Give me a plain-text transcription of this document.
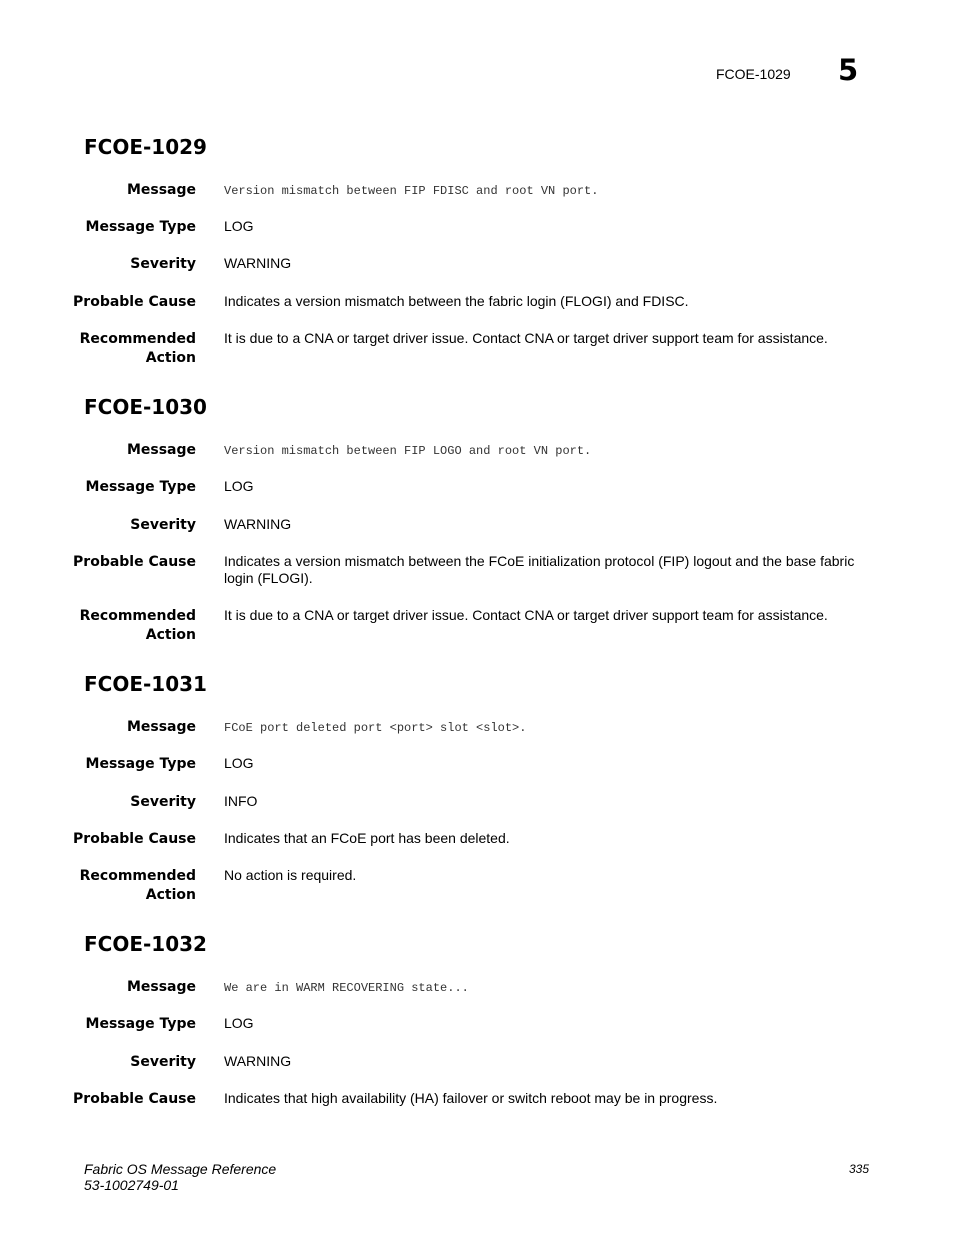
FCOE-1029 5
FCOE-1029
Message Version mismatch between FIP FDISC and root VN port.
Message Type LOG
Severity WARNING
Probable Cause Indicates a version mismatch between the fabric login (FLOGI) and FDISC.
Recommended
Action
It is due to a CNA or target driver issue. Contact CNA or target driver support team for assistance.
FCOE-1030
Message Version mismatch between FIP LOGO and root VN port.
Message Type LOG
Severity WARNING
Probable Cause Indicates a version mismatch between the FCoE initialization protocol (FIP) logout and the base fabric login (FLOGI).
Recommended
Action
It is due to a CNA or target driver issue. Contact CNA or target driver support team for assistance.
FCOE-1031
Message FCoE port deleted port <port> slot <slot>.
Message Type LOG
Severity INFO
Probable Cause Indicates that an FCoE port has been deleted.
Recommended
Action
No action is required.
FCOE-1032
Message We are in WARM RECOVERING state...
Message Type LOG
Severity WARNING
Probable Cause Indicates that high availability (HA) failover or switch reboot may be in progress.
Fabric OS Message Reference
53-1002749-01
335
